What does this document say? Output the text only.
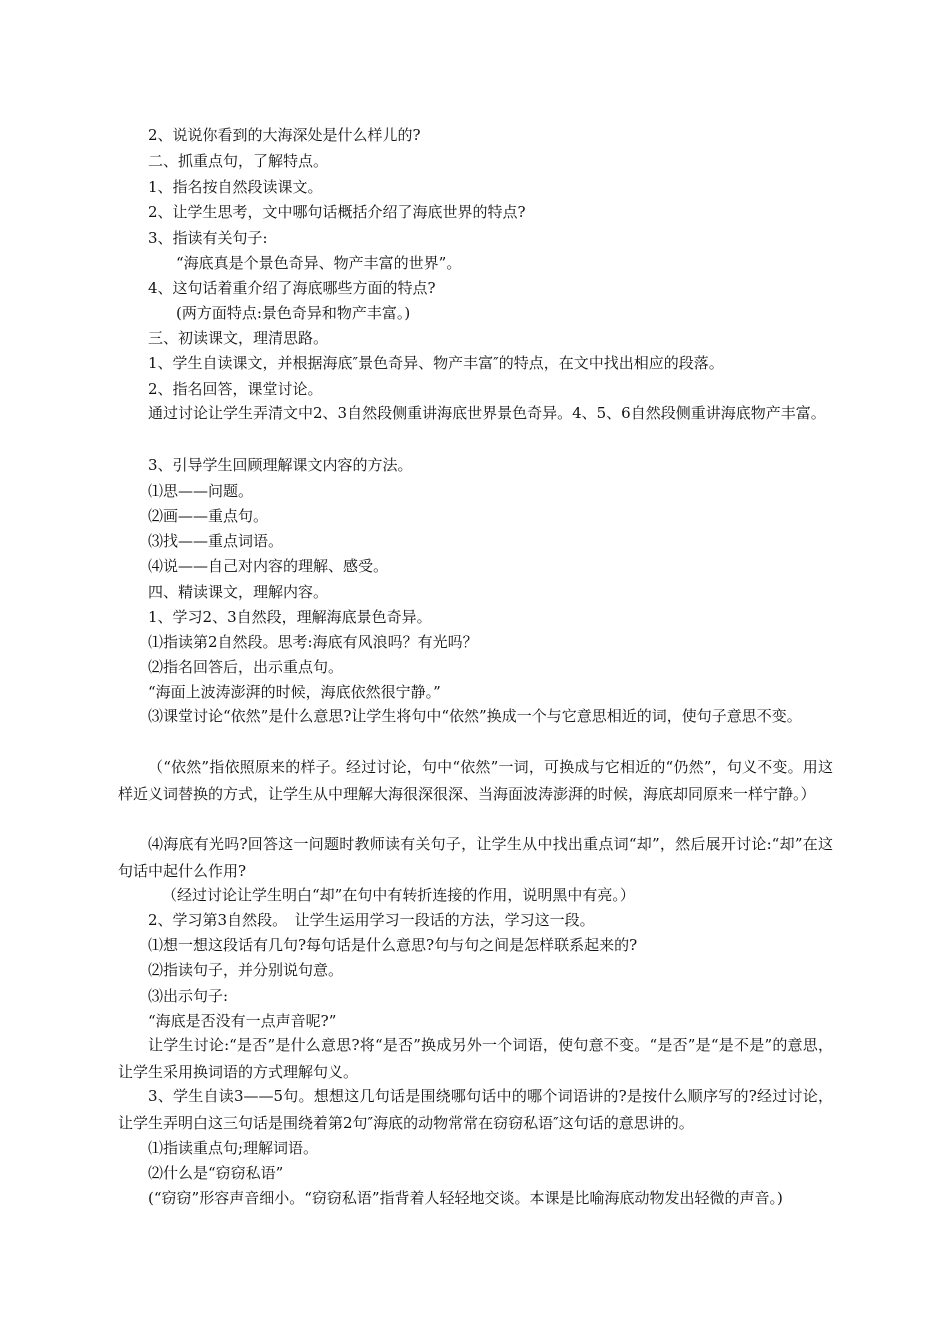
2、说说你看到的大海深处是什么样儿的?
二、抓重点句，了解特点。
1、指名按自然段读课文。
2、让学生思考，文中哪句话概括介绍了海底世界的特点?
3、指读有关句子:
“海底真是个景色奇异、物产丰富的世界”。
4、这句话着重介绍了海底哪些方面的特点?
(两方面特点:景色奇异和物产丰富。)
三、初读课文，理清思路。
1、学生自读课文，并根据海底″景色奇异、物产丰富″的特点，在文中找出相应的段落。
2、指名回答，课堂讨论。
通过讨论让学生弄清文中2、3自然段侧重讲海底世界景色奇异。4、5、6自然段侧重讲海底物产丰富。
3、引导学生回顾理解课文内容的方法。
⑴思——问题。
⑵画——重点句。
⑶找——重点词语。
⑷说——自己对内容的理解、感受。
四、精读课文，理解内容。
1、学习2、3自然段，理解海底景色奇异。
⑴指读第2自然段。思考:海底有风浪吗？有光吗？
⑵指名回答后，出示重点句。
“海面上波涛澎湃的时候，海底依然很宁静。”
⑶课堂讨论“依然”是什么意思?让学生将句中“依然”换成一个与它意思相近的词，使句子意思不变。
（“依然”指依照原来的样子。经过讨论，句中“依然”一词，可换成与它相近的“仍然”，句义不变。用这样近义词替换的方式，让学生从中理解大海很深很深、当海面波涛澎湃的时候，海底却同原来一样宁静。）
⑷海底有光吗?回答这一问题时教师读有关句子，让学生从中找出重点词“却”，然后展开讨论:“却”在这句话中起什么作用?
（经过讨论让学生明白“却”在句中有转折连接的作用，说明黑中有亮。）
2、学习第3自然段。　让学生运用学习一段话的方法，学习这一段。
⑴想一想这段话有几句?每句话是什么意思?句与句之间是怎样联系起来的?
⑵指读句子，并分别说句意。
⑶出示句子:
“海底是否没有一点声音呢?”
让学生讨论:“是否”是什么意思?将“是否”换成另外一个词语，使句意不变。“是否”是“是不是”的意思，让学生采用换词语的方式理解句义。
3、学生自读3——5句。想想这几句话是围绕哪句话中的哪个词语讲的?是按什么顺序写的?经过讨论，让学生弄明白这三句话是围绕着第2句″海底的动物常常在窃窃私语″这句话的意思讲的。
⑴指读重点句;理解词语。
⑵什么是“窃窃私语”
(“窃窃”形容声音细小。“窃窃私语”指背着人轻轻地交谈。本课是比喻海底动物发出轻微的声音。)
